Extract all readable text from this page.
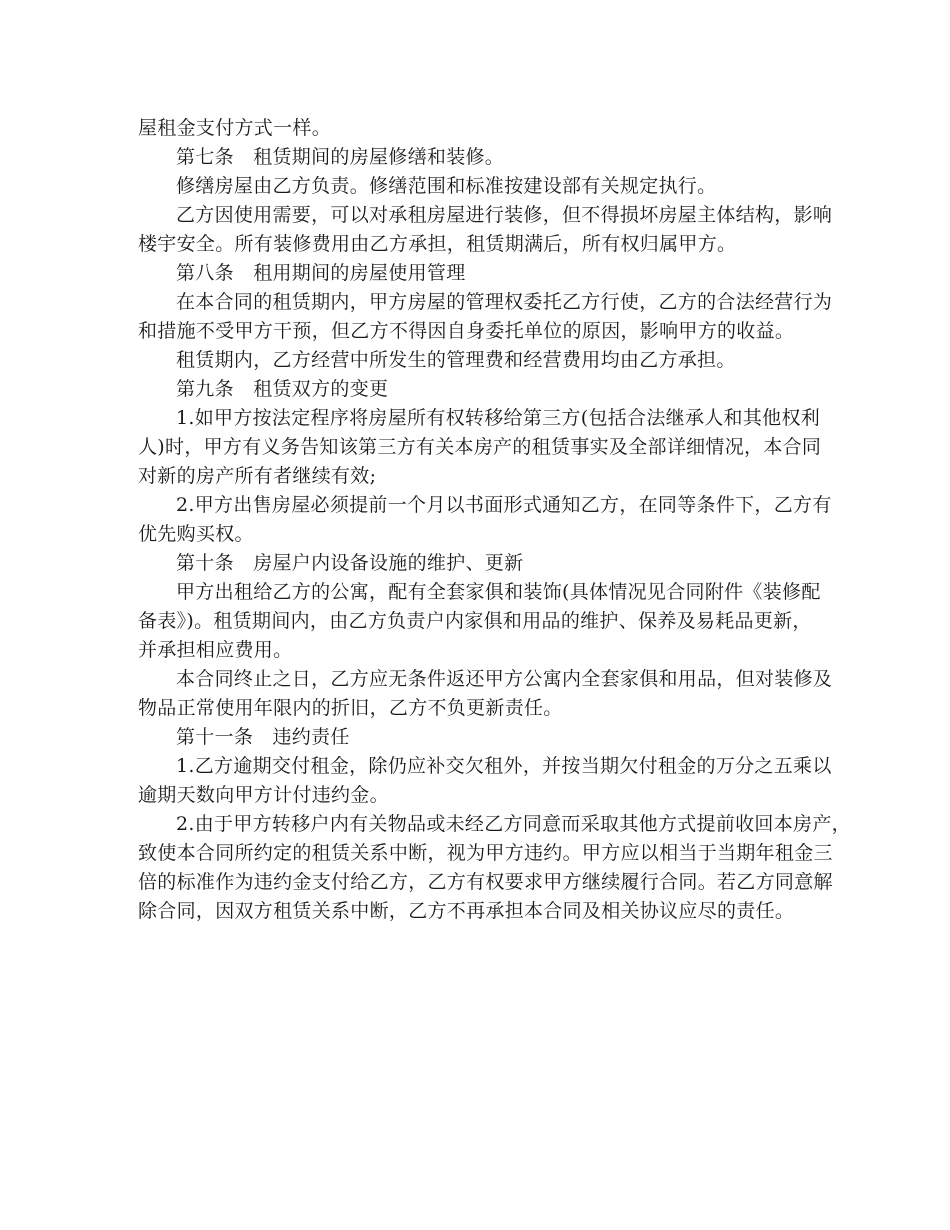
屋租金支付方式一样。
第七条　租赁期间的房屋修缮和装修。
修缮房屋由乙方负责。修缮范围和标准按建设部有关规定执行。
乙方因使用需要，可以对承租房屋进行装修，但不得损坏房屋主体结构，影响
楼宇安全。所有装修费用由乙方承担，租赁期满后，所有权归属甲方。
第八条　租用期间的房屋使用管理
在本合同的租赁期内，甲方房屋的管理权委托乙方行使，乙方的合法经营行为
和措施不受甲方干预，但乙方不得因自身委托单位的原因，影响甲方的收益。
租赁期内，乙方经营中所发生的管理费和经营费用均由乙方承担。
第九条　租赁双方的变更
1.如甲方按法定程序将房屋所有权转移给第三方(包括合法继承人和其他权利
人)时，甲方有义务告知该第三方有关本房产的租赁事实及全部详细情况，本合同
对新的房产所有者继续有效;
2.甲方出售房屋必须提前一个月以书面形式通知乙方，在同等条件下，乙方有
优先购买权。
第十条　房屋户内设备设施的维护、更新
甲方出租给乙方的公寓，配有全套家俱和装饰(具体情况见合同附件《装修配
备表》)。租赁期间内，由乙方负责户内家俱和用品的维护、保养及易耗品更新，
并承担相应费用。
本合同终止之日，乙方应无条件返还甲方公寓内全套家俱和用品，但对装修及
物品正常使用年限内的折旧，乙方不负更新责任。
第十一条　违约责任
1.乙方逾期交付租金，除仍应补交欠租外，并按当期欠付租金的万分之五乘以
逾期天数向甲方计付违约金。
2.由于甲方转移户内有关物品或未经乙方同意而采取其他方式提前收回本房产，
致使本合同所约定的租赁关系中断，视为甲方违约。甲方应以相当于当期年租金三
倍的标准作为违约金支付给乙方，乙方有权要求甲方继续履行合同。若乙方同意解
除合同，因双方租赁关系中断，乙方不再承担本合同及相关协议应尽的责任。
